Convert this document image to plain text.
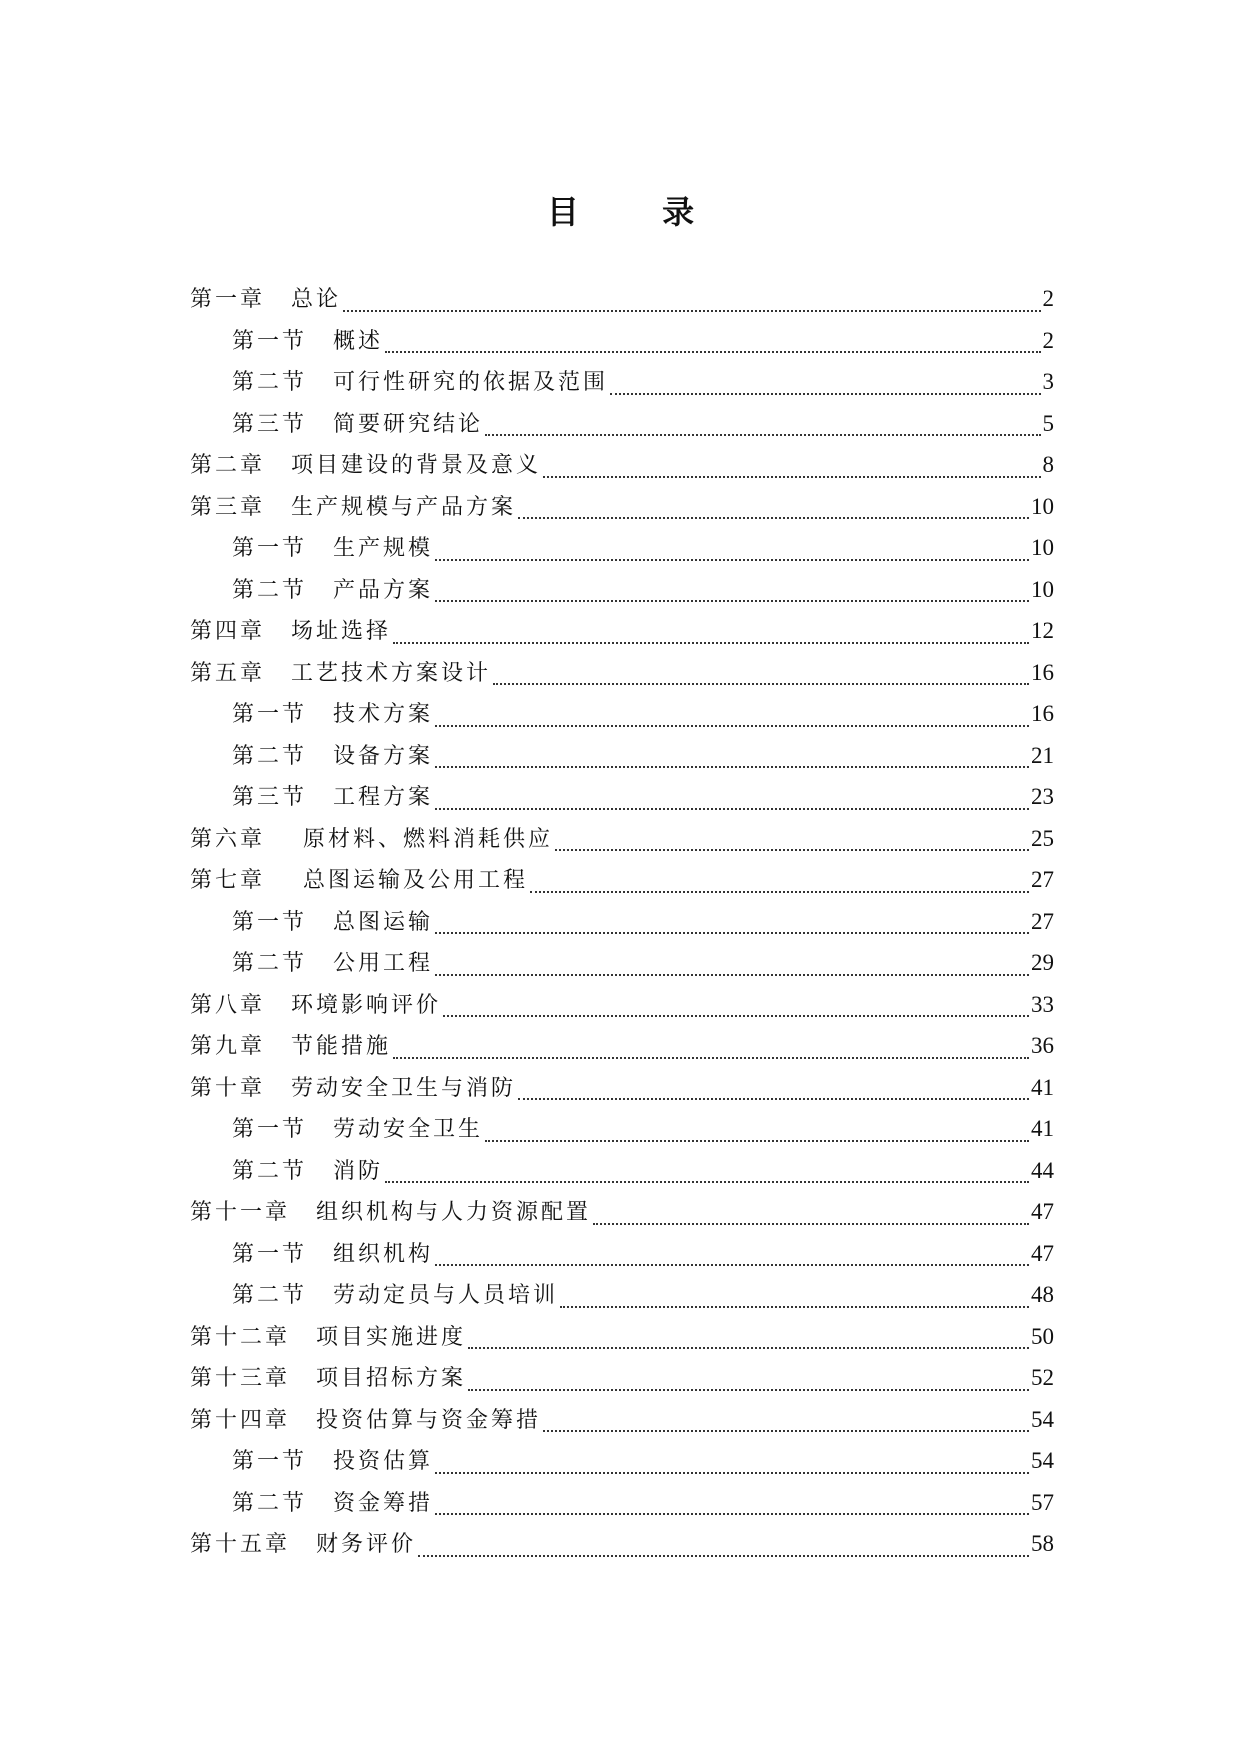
目 录
第一章 总论	2
第一节 概述	2
第二节 可行性研究的依据及范围	3
第三节 简要研究结论	5
第二章 项目建设的背景及意义	8
第三章 生产规模与产品方案	10
第一节 生产规模	10
第二节 产品方案	10
第四章 场址选择	12
第五章 工艺技术方案设计	16
第一节 技术方案	16
第二节 设备方案	21
第三节 工程方案	23
第六章 原材料、燃料消耗供应	25
第七章 总图运输及公用工程	27
第一节 总图运输	27
第二节 公用工程	29
第八章 环境影响评价	33
第九章 节能措施	36
第十章 劳动安全卫生与消防	41
第一节 劳动安全卫生	41
第二节 消防	44
第十一章 组织机构与人力资源配置	47
第一节 组织机构	47
第二节 劳动定员与人员培训	48
第十二章 项目实施进度	50
第十三章 项目招标方案	52
第十四章 投资估算与资金筹措	54
第一节 投资估算	54
第二节 资金筹措	57
第十五章 财务评价	58
